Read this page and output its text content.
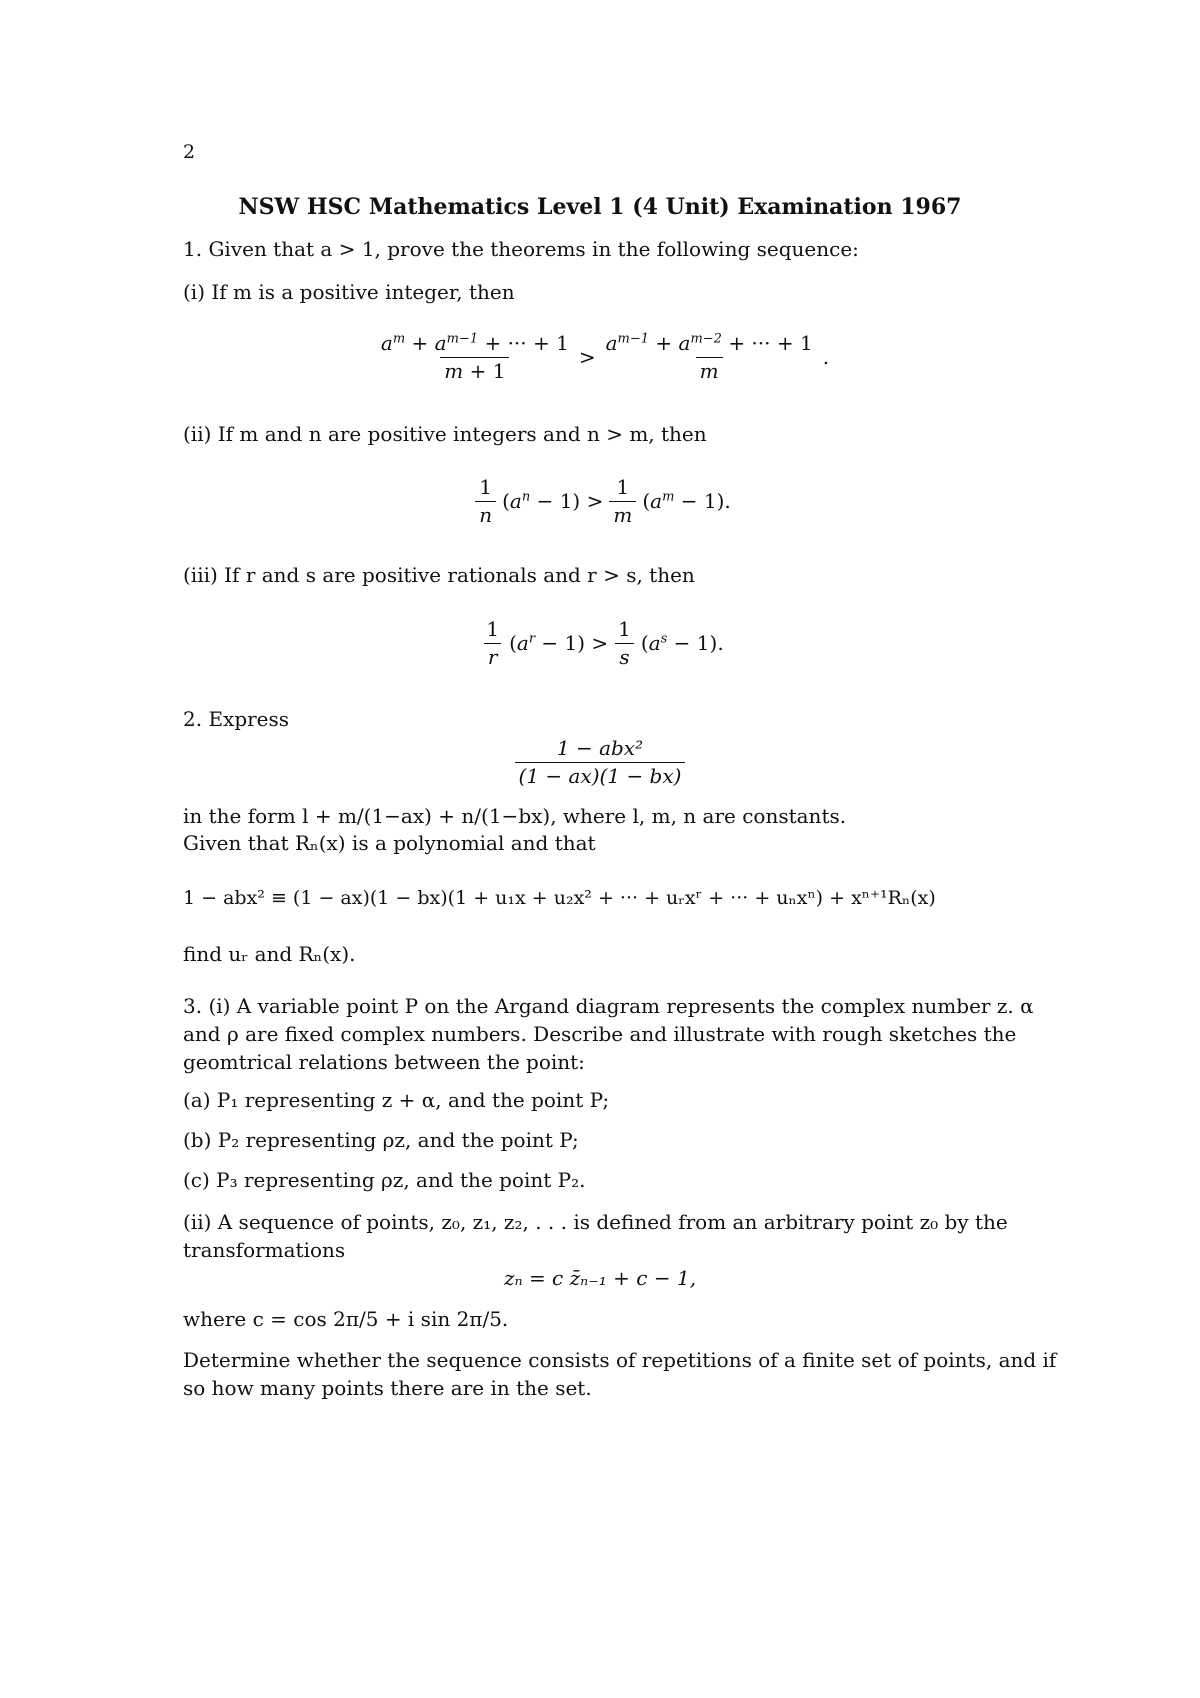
2
NSW HSC Mathematics Level 1 (4 Unit) Examination 1967
1. Given that a > 1, prove the theorems in the following sequence:
(i) If m is a positive integer, then
$\frac{a^m + a^{m-1} + \cdot\cdot\cdot + 1}{m + 1} > \frac{a^{m-1} + a^{m-2} + \cdot\cdot\cdot + 1}{m}$ .
(ii) If m and n are positive integers and n > m, then
$\frac{1}{n} (a^n - 1) > \frac{1}{m} (a^m - 1)$.
(iii) If r and s are positive rationals and r > s, then
$\frac{1}{r} (a^r - 1) > \frac{1}{s} (a^s - 1)$.
2. Express
$\frac{\text{1 − abx²}}{(1 - ax)(1 - bx)}$
in the form l + m/(1−ax) + n/(1−bx), where l, m, n are constants.
Given that Rₙ(x) is a polynomial and that
1 − abx² ≡ (1 − ax)(1 − bx)(1 + u₁x + u₂x² + ··· + uᵣxʳ + ··· + uₙxⁿ) + xⁿ⁺¹Rₙ(x)
find uᵣ and Rₙ(x).
3. (i) A variable point P on the Argand diagram represents the complex number z. α and ρ are fixed complex numbers. Describe and illustrate with rough sketches the geomtrical relations between the point:
(a) P₁ representing z + α, and the point P;
(b) P₂ representing ρz, and the point P;
(c) P₃ representing ρz, and the point P₂.
(ii) A sequence of points, z₀, z₁, z₂, . . . is defined from an arbitrary point z₀ by the transformations
zₙ = c z̄ₙ₋₁ + c − 1,
where c = cos 2π/5 + i sin 2π/5.
Determine whether the sequence consists of repetitions of a finite set of points, and if so how many points there are in the set.
